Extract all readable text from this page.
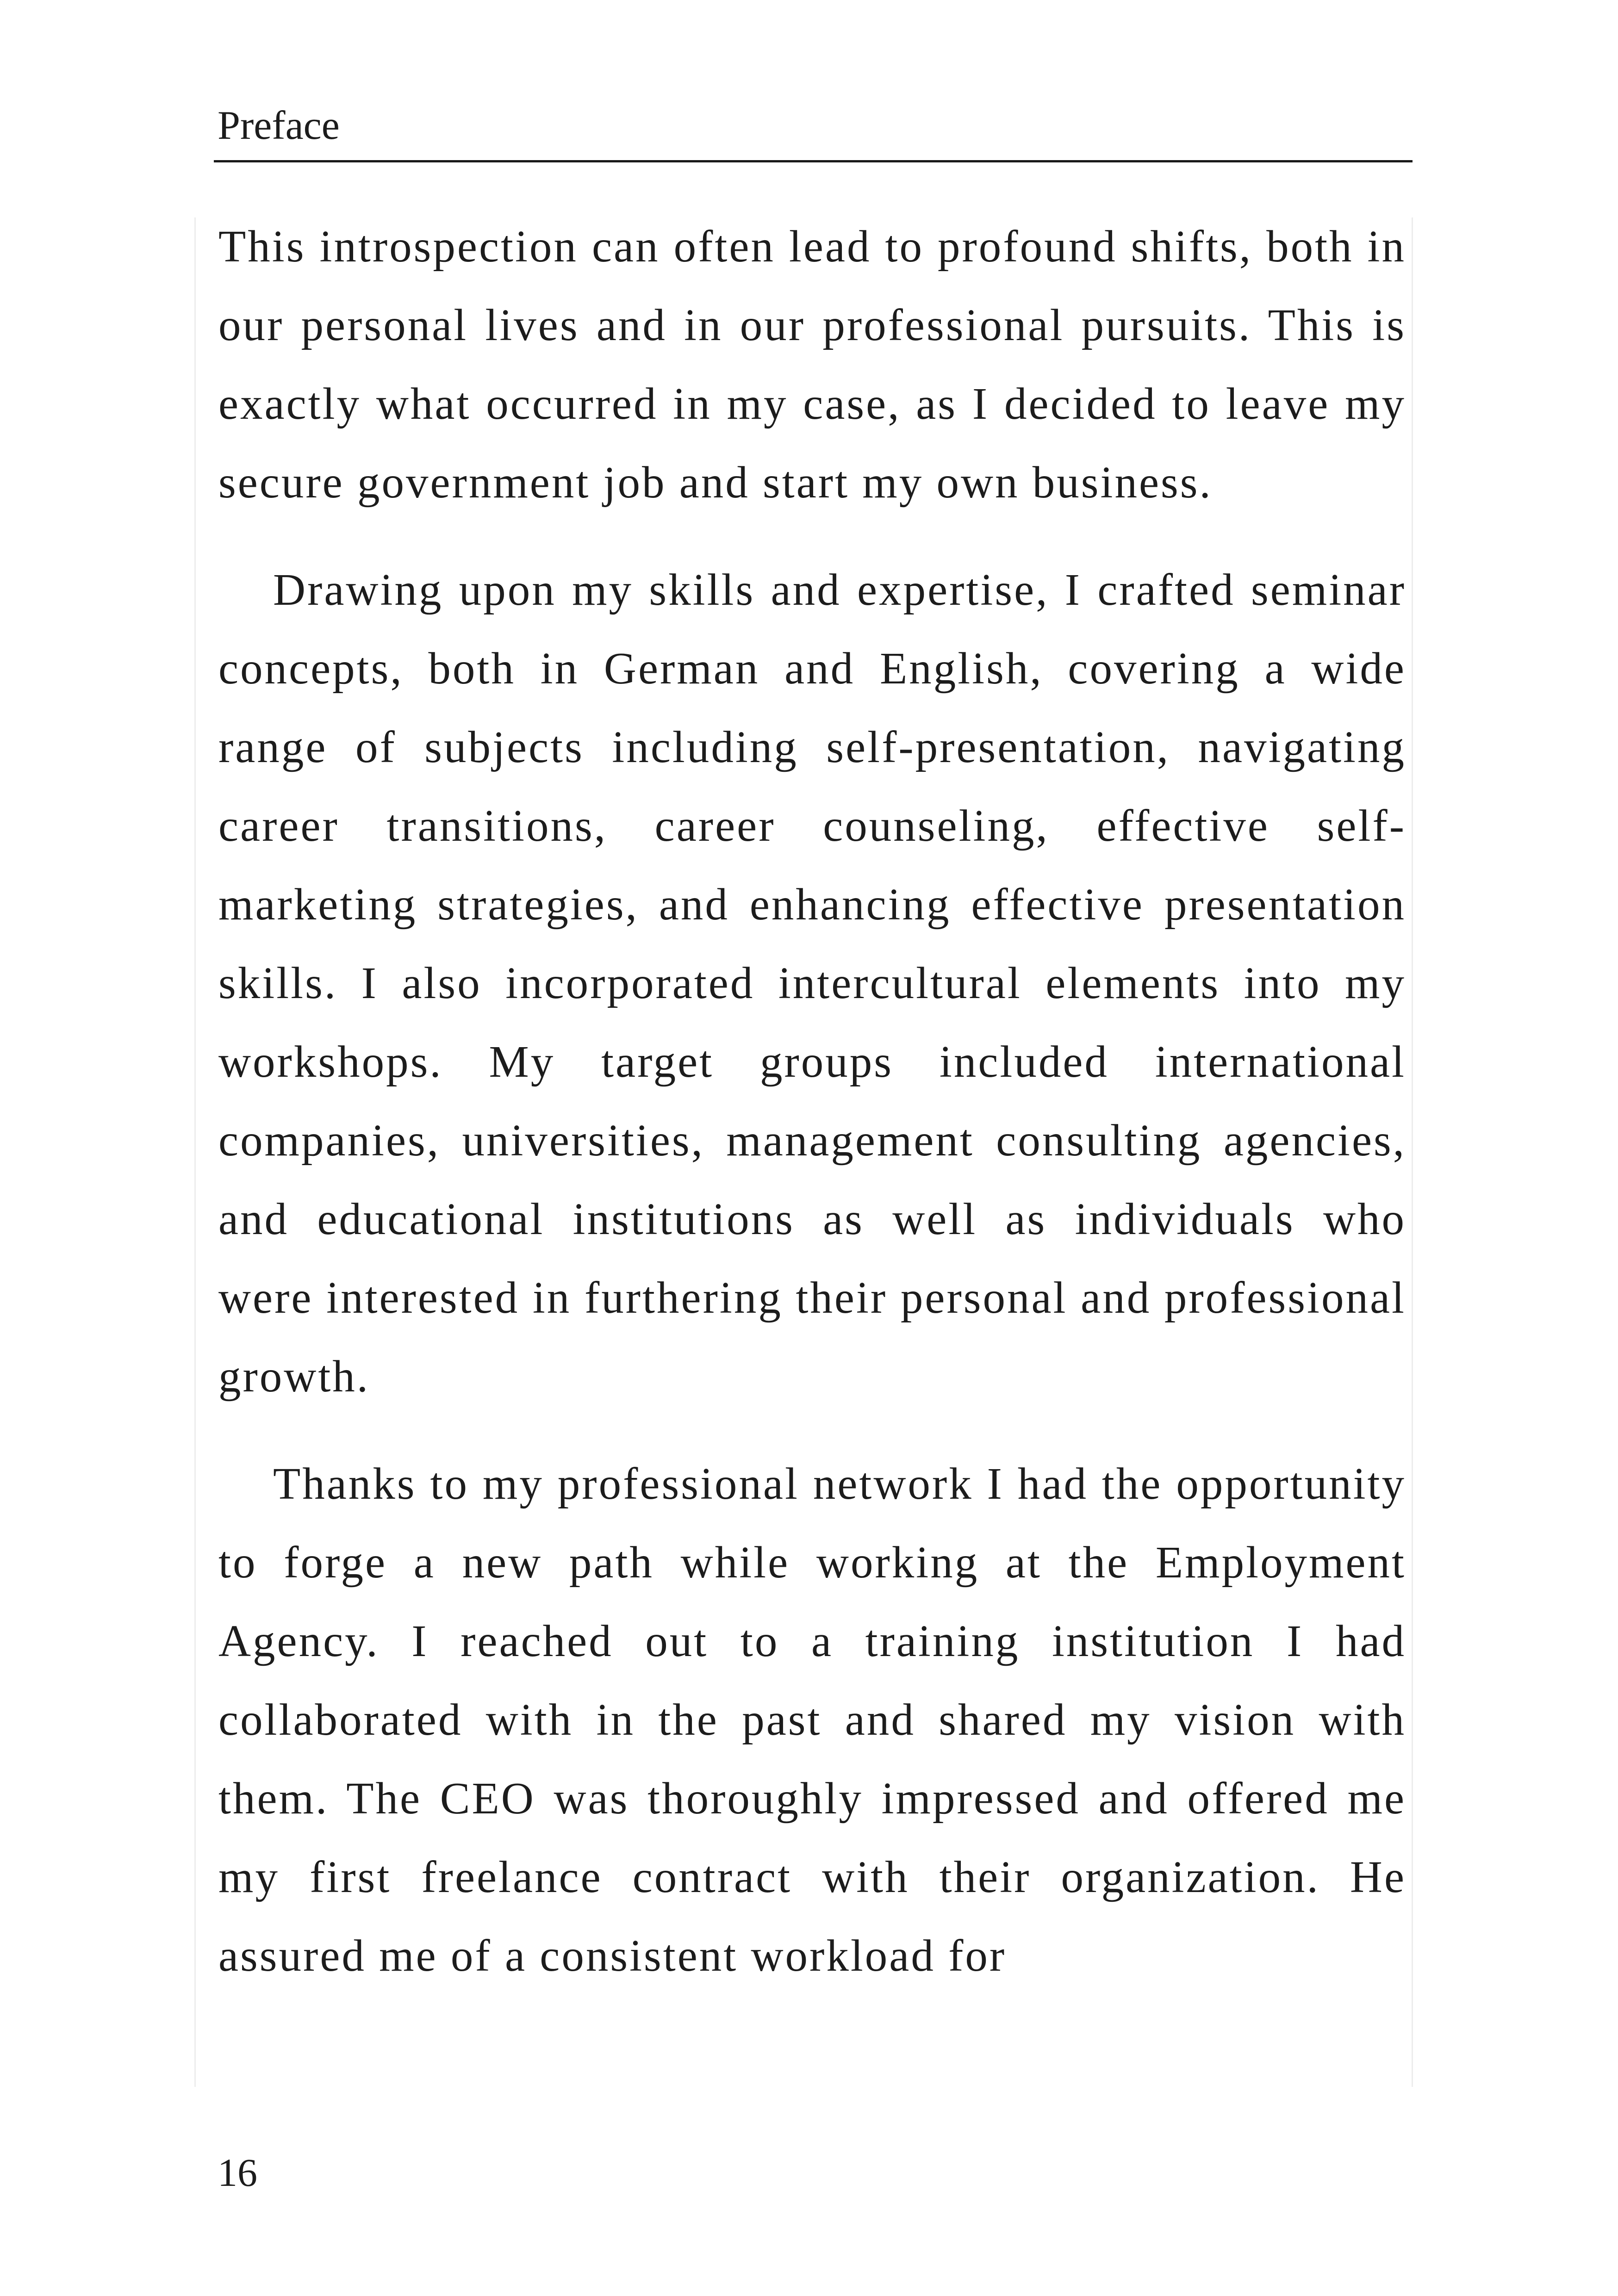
Preface

This introspection can often lead to profound shifts, both in our personal lives and in our professional pursuits. This is exactly what occurred in my case, as I decided to leave my secure government job and start my own business.

Drawing upon my skills and expertise, I crafted seminar concepts, both in German and English, covering a wide range of subjects including self-presentation, navigating career transitions, career counseling, effective self-marketing strategies, and enhancing effective presentation skills. I also incorporated intercultural elements into my workshops. My target groups included international companies, universities, management consulting agencies, and educational institutions as well as individuals who were interested in furthering their personal and professional growth.

Thanks to my professional network I had the opportunity to forge a new path while working at the Employment Agency. I reached out to a training institution I had collaborated with in the past and shared my vision with them. The CEO was thoroughly impressed and offered me my first freelance contract with their organization. He assured me of a consistent workload for

16
